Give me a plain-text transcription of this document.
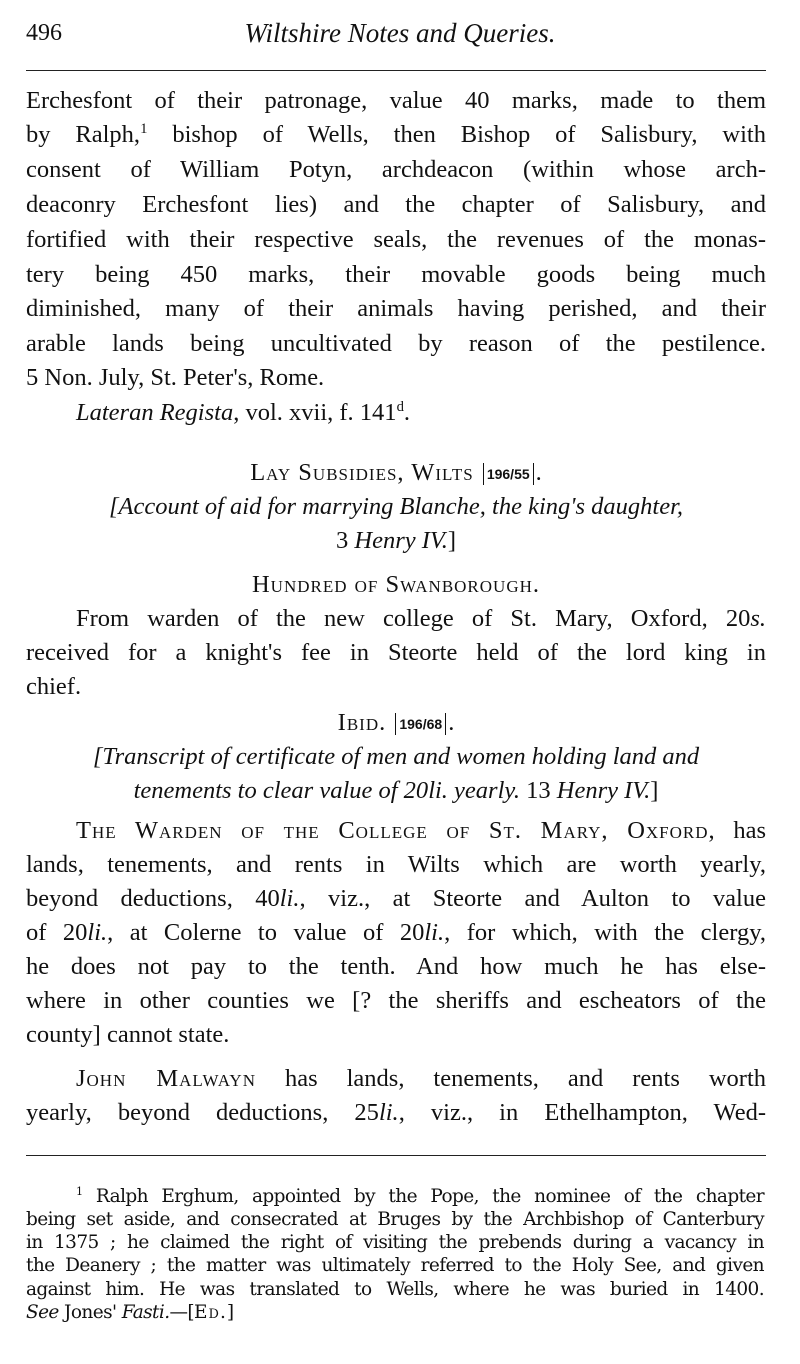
496	Wiltshire Notes and Queries.
Erchesfont of their patronage, value 40 marks, made to them
by Ralph,$^1$ bishop of Wells, then Bishop of Salisbury, with
consent of William Potyn, archdeacon (within whose arch-
deaconry Erchesfont lies) and the chapter of Salisbury, and
fortified with their respective seals, the revenues of the monas-
tery being 450 marks, their movable goods being much
diminished, many of their animals having perished, and their
arable lands being uncultivated by reason of the pestilence.
5 Non. July, St. Peter's, Rome.
Lateran Regista, vol. xvii, f. 141$^d$.
Lay Subsidies, Wilts 196/55 .
[Account of aid for marrying Blanche, the king's daughter,
3 Henry IV.]
Hundred of Swanborough.
From warden of the new college of St. Mary, Oxford, 20s.
received for a knight's fee in Steorte held of the lord king in
chief.
Ibid. 196/68 .
[Transcript of certificate of men and women holding land and
tenements to clear value of 20li. yearly. 13 Henry IV.]
The Warden of the College of St. Mary, Oxford, has
lands, tenements, and rents in Wilts which are worth yearly,
beyond deductions, 40li., viz., at Steorte and Aulton to value
of 20li., at Colerne to value of 20li., for which, with the clergy,
he does not pay to the tenth. And how much he has else-
where in other counties we [? the sheriffs and escheators of the
county] cannot state.
John Malwayn has lands, tenements, and rents worth
yearly, beyond deductions, 25li., viz., in Ethelhampton, Wed-
$^1$ Ralph Erghum, appointed by the Pope, the nominee of the chapter
being set aside, and consecrated at Bruges by the Archbishop of Canterbury
in 1375 ; he claimed the right of visiting the prebends during a vacancy in
the Deanery ; the matter was ultimately referred to the Holy See, and given
against him. He was translated to Wells, where he was buried in 1400.
See Jones' Fasti.—[Ed.]
